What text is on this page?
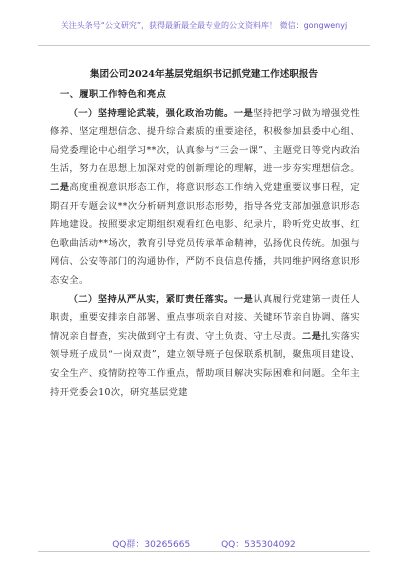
关注头条号“公文研究”，获得最新最全最专业的公文资料库！ 微信：gongwenyj
集团公司2024年基层党组织书记抓党建工作述职报告

一、履职工作特色和亮点

（一）坚持理论武装，强化政治功能。一是坚持把学习做为增强党性修养、坚定理想信念、提升综合素质的重要途径，积极参加县委中心组、局党委理论中心组学习**次，认真参与“三会一课”、主题党日等党内政治生活，努力在思想上加深对党的创新理论的理解，进一步夯实理想信念。二是高度重视意识形态工作，将意识形态工作纳入党建重要议事日程，定期召开专题会议**次分析研判意识形态形势，指导各党支部加强意识形态阵地建设。按照要求定期组织观看红色电影、纪录片，聆听党史故事、红色歌曲活动**场次，教育引导党员传承革命精神，弘扬优良传统。加强与网信、公安等部门的沟通协作，严防不良信息传播，共同维护网络意识形态安全。

（二）坚持从严从实，紧盯责任落实。一是认真履行党建第一责任人职责，重要安排亲自部署、重点事项亲自对接、关键环节亲自协调、落实情况亲自督查，实决做到守土有责、守土负责、守土尽责。二是扎实落实领导班子成员“一岗双责”，建立领导班子包保联系机制，聚焦项目建设、安全生产、疫情防控等工作重点，帮助项目解决实际困难和问题。全年主持开党委会10次，研究基层党建

QQ群：30265665	QQ：535304092
